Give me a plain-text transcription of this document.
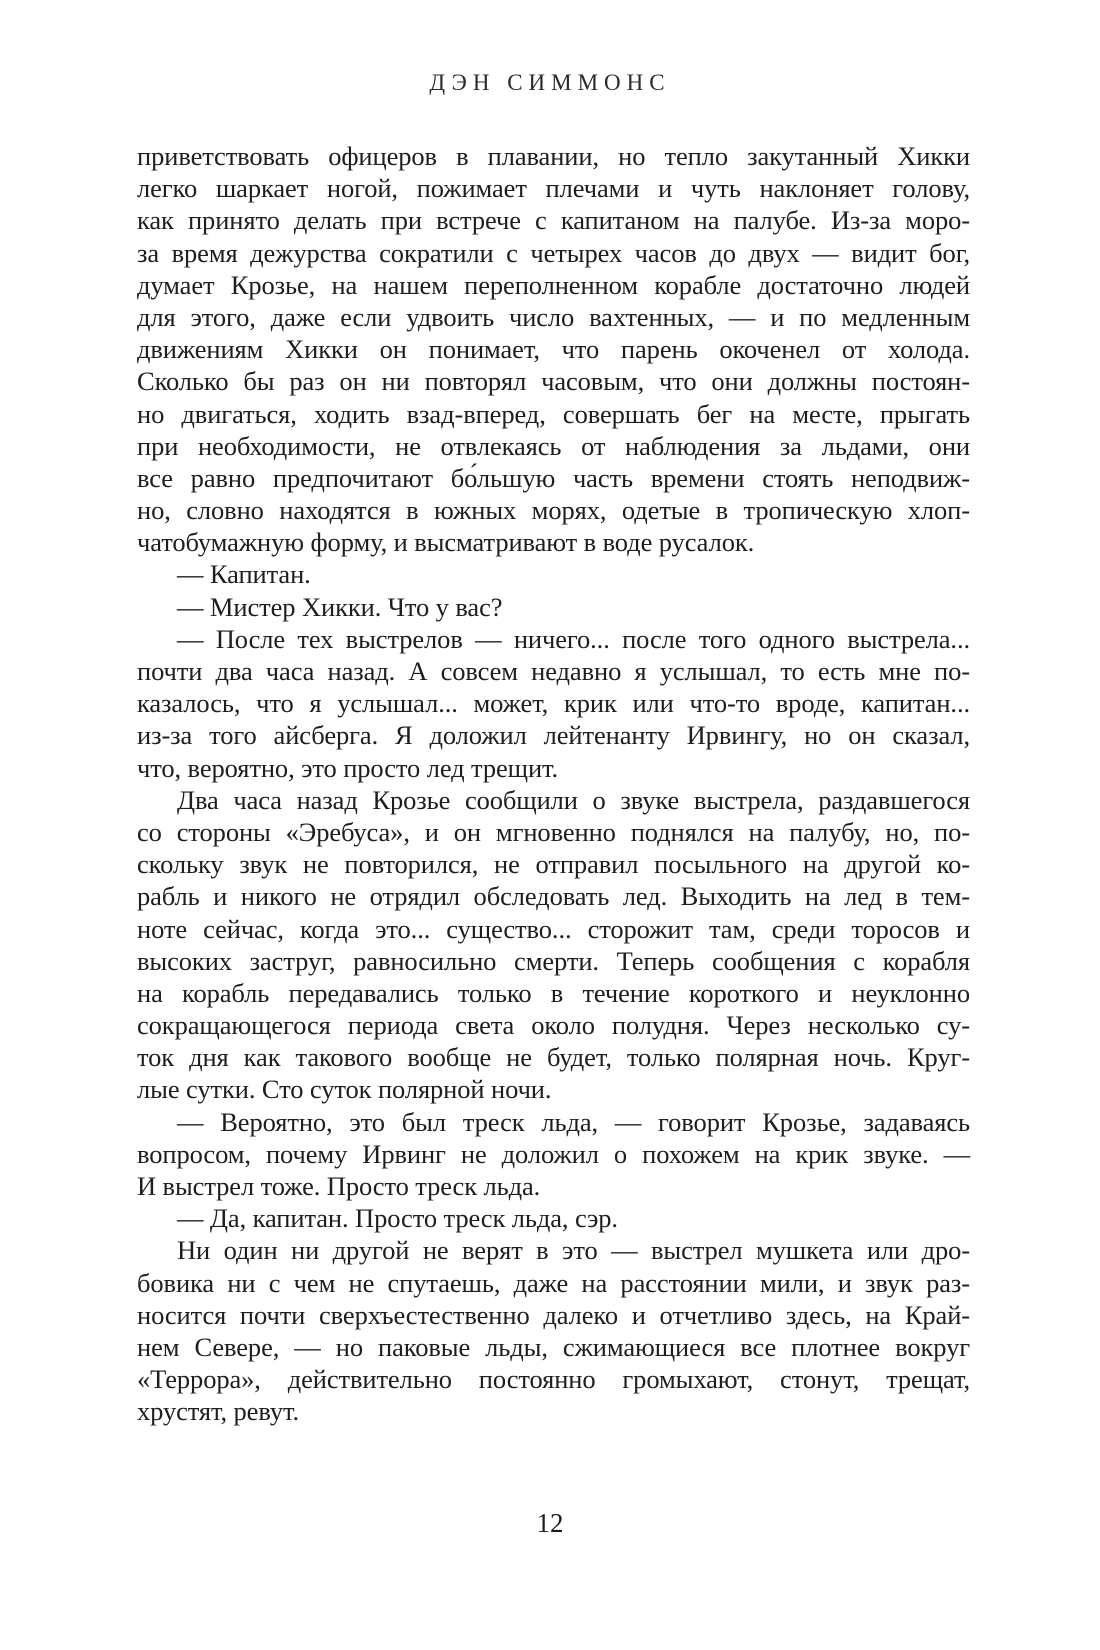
ДЭН СИММОНС
приветствовать офицеров в плавании, но тепло закутанный Хикки
легко шаркает ногой, пожимает плечами и чуть наклоняет голову,
как принято делать при встрече с капитаном на палубе. Из-за моро-
за время дежурства сократили с четырех часов до двух — видит бог,
думает Крозье, на нашем переполненном корабле достаточно людей
для этого, даже если удвоить число вахтенных, — и по медленным
движениям Хикки он понимает, что парень окоченел от холода.
Сколько бы раз он ни повторял часовым, что они должны постоян-
но двигаться, ходить взад-вперед, совершать бег на месте, прыгать
при необходимости, не отвлекаясь от наблюдения за льдами, они
все равно предпочитают бо́льшую часть времени стоять неподвиж-
но, словно находятся в южных морях, одетые в тропическую хлоп-
чатобумажную форму, и высматривают в воде русалок.
— Капитан.
— Мистер Хикки. Что у вас?
— После тех выстрелов — ничего... после того одного выстрела...
почти два часа назад. А совсем недавно я услышал, то есть мне по-
казалось, что я услышал... может, крик или что-то вроде, капитан...
из-за того айсберга. Я доложил лейтенанту Ирвингу, но он сказал,
что, вероятно, это просто лед трещит.
Два часа назад Крозье сообщили о звуке выстрела, раздавшегося
со стороны «Эребуса», и он мгновенно поднялся на палубу, но, по-
скольку звук не повторился, не отправил посыльного на другой ко-
рабль и никого не отрядил обследовать лед. Выходить на лед в тем-
ноте сейчас, когда это... существо... сторожит там, среди торосов и
высоких заструг, равносильно смерти. Теперь сообщения с корабля
на корабль передавались только в течение короткого и неуклонно
сокращающегося периода света около полудня. Через несколько су-
ток дня как такового вообще не будет, только полярная ночь. Круг-
лые сутки. Сто суток полярной ночи.
— Вероятно, это был треск льда, — говорит Крозье, задаваясь
вопросом, почему Ирвинг не доложил о похожем на крик звуке. —
И выстрел тоже. Просто треск льда.
— Да, капитан. Просто треск льда, сэр.
Ни один ни другой не верят в это — выстрел мушкета или дро-
бовика ни с чем не спутаешь, даже на расстоянии мили, и звук раз-
носится почти сверхъестественно далеко и отчетливо здесь, на Край-
нем Севере, — но паковые льды, сжимающиеся все плотнее вокруг
«Террора», действительно постоянно громыхают, стонут, трещат,
хрустят, ревут.
12
